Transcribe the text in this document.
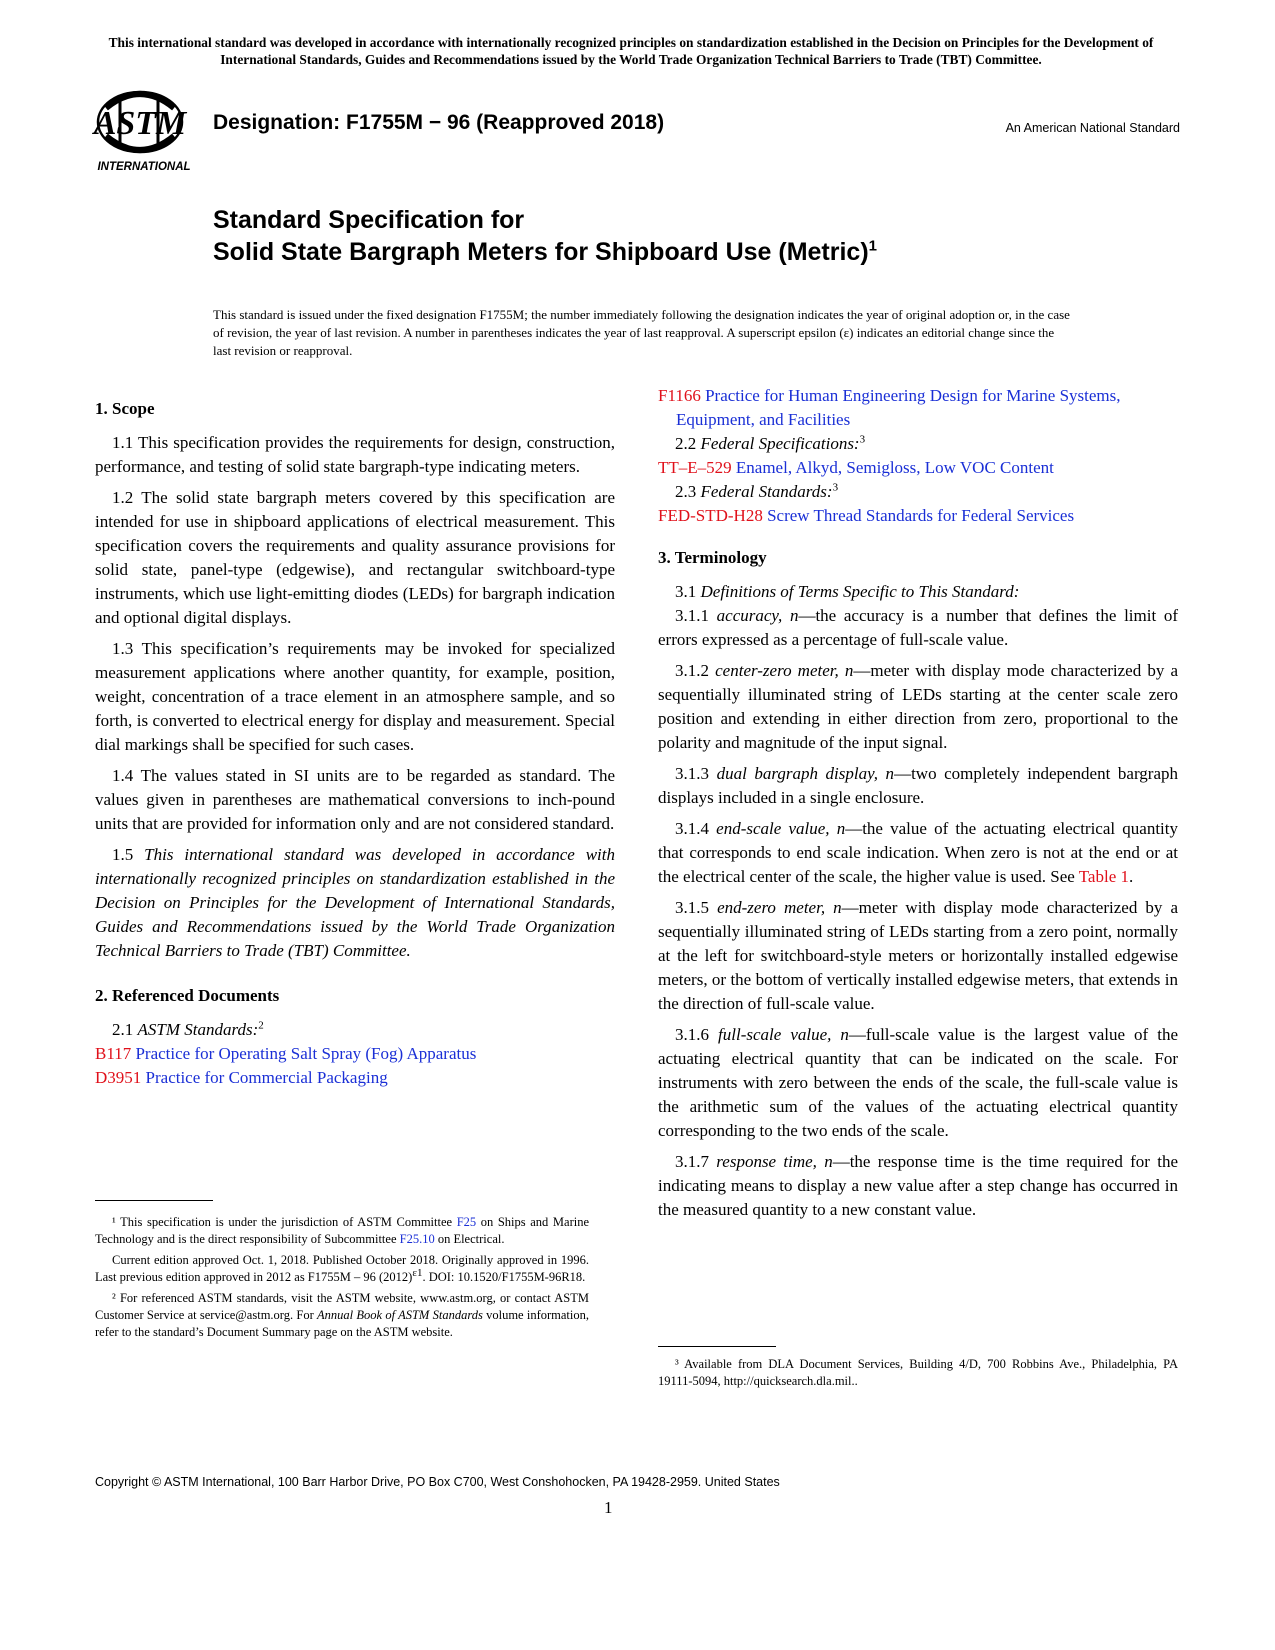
This international standard was developed in accordance with internationally recognized principles on standardization established in the Decision on Principles for the Development of International Standards, Guides and Recommendations issued by the World Trade Organization Technical Barriers to Trade (TBT) Committee.
ASTM
INTERNATIONAL
Designation: F1755M − 96 (Reapproved 2018)	An American National Standard
Standard Specification for
Solid State Bargraph Meters for Shipboard Use (Metric)$^1$
This standard is issued under the fixed designation F1755M; the number immediately following the designation indicates the year of original adoption or, in the case of revision, the year of last revision. A number in parentheses indicates the year of last reapproval. A superscript epsilon (ε) indicates an editorial change since the last revision or reapproval.
1. Scope

1.1 This specification provides the requirements for design, construction, performance, and testing of solid state bargraph-type indicating meters.

1.2 The solid state bargraph meters covered by this specification are intended for use in shipboard applications of electrical measurement. This specification covers the requirements and quality assurance provisions for solid state, panel-type (edgewise), and rectangular switchboard-type instruments, which use light-emitting diodes (LEDs) for bargraph indication and optional digital displays.

1.3 This specification’s requirements may be invoked for specialized measurement applications where another quantity, for example, position, weight, concentration of a trace element in an atmosphere sample, and so forth, is converted to electrical energy for display and measurement. Special dial markings shall be specified for such cases.

1.4 The values stated in SI units are to be regarded as standard. The values given in parentheses are mathematical conversions to inch-pound units that are provided for information only and are not considered standard.

1.5 This international standard was developed in accordance with internationally recognized principles on standardization established in the Decision on Principles for the Development of International Standards, Guides and Recommendations issued by the World Trade Organization Technical Barriers to Trade (TBT) Committee.

2. Referenced Documents
2.1 ASTM Standards:$^2$
B117 Practice for Operating Salt Spray (Fog) Apparatus
D3951 Practice for Commercial Packaging

¹ This specification is under the jurisdiction of ASTM Committee F25 on Ships and Marine Technology and is the direct responsibility of Subcommittee F25.10 on Electrical.

Current edition approved Oct. 1, 2018. Published October 2018. Originally approved in 1996. Last previous edition approved in 2012 as F1755M – 96 $(2012)^{\varepsilon 1}$. DOI: 10.1520/F1755M-96R18.

² For referenced ASTM standards, visit the ASTM website, www.astm.org, or contact ASTM Customer Service at service@astm.org. For Annual Book of ASTM Standards volume information, refer to the standard’s Document Summary page on the ASTM website.

F1166 Practice for Human Engineering Design for Marine Systems, Equipment, and Facilities
2.2 Federal Specifications:$^3$
TT–E–529 Enamel, Alkyd, Semigloss, Low VOC Content
2.3 Federal Standards:$^3$
FED-STD-H28 Screw Thread Standards for Federal Services
3. Terminology

3.1 Definitions of Terms Specific to This Standard:

3.1.1 accuracy, n—the accuracy is a number that defines the limit of errors expressed as a percentage of full-scale value.

3.1.2 center-zero meter, n—meter with display mode characterized by a sequentially illuminated string of LEDs starting at the center scale zero position and extending in either direction from zero, proportional to the polarity and magnitude of the input signal.

3.1.3 dual bargraph display, n—two completely independent bargraph displays included in a single enclosure.

3.1.4 end-scale value, n—the value of the actuating electrical quantity that corresponds to end scale indication. When zero is not at the end or at the electrical center of the scale, the higher value is used. See Table 1.

3.1.5 end-zero meter, n—meter with display mode characterized by a sequentially illuminated string of LEDs starting from a zero point, normally at the left for switchboard-style meters or horizontally installed edgewise meters, or the bottom of vertically installed edgewise meters, that extends in the direction of full-scale value.

3.1.6 full-scale value, n—full-scale value is the largest value of the actuating electrical quantity that can be indicated on the scale. For instruments with zero between the ends of the scale, the full-scale value is the arithmetic sum of the values of the actuating electrical quantity corresponding to the two ends of the scale.

3.1.7 response time, n—the response time is the time required for the indicating means to display a new value after a step change has occurred in the measured quantity to a new constant value.

³ Available from DLA Document Services, Building 4/D, 700 Robbins Ave., Philadelphia, PA 19111-5094, http://quicksearch.dla.mil..

Copyright © ASTM International, 100 Barr Harbor Drive, PO Box C700, West Conshohocken, PA 19428-2959. United States
1
